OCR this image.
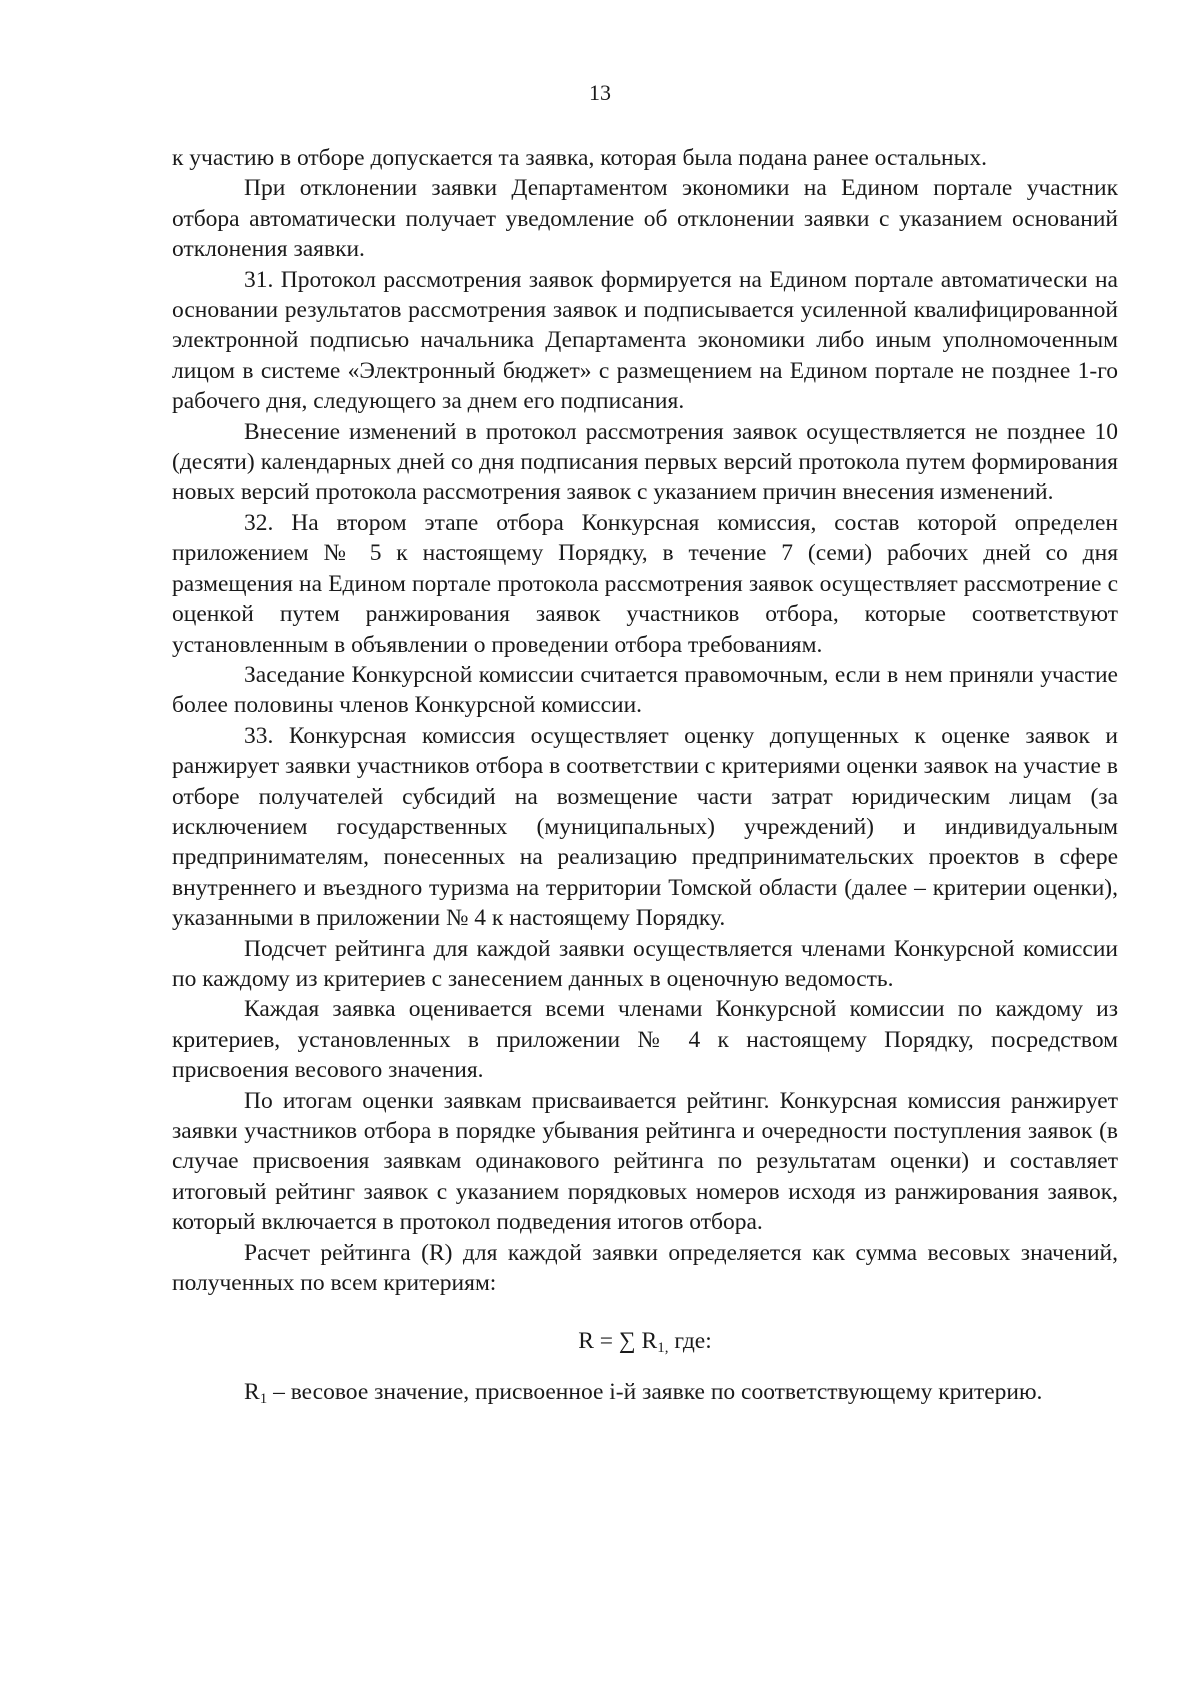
13

к участию в отборе допускается та заявка, которая была подана ранее остальных.

При отклонении заявки Департаментом экономики на Едином портале участник отбора автоматически получает уведомление об отклонении заявки с указанием оснований отклонения заявки.

31. Протокол рассмотрения заявок формируется на Едином портале автоматически на основании результатов рассмотрения заявок и подписывается усиленной квалифицированной электронной подписью начальника Департамента экономики либо иным уполномоченным лицом в системе «Электронный бюджет» с размещением на Едином портале не позднее 1-го рабочего дня, следующего за днем его подписания.

Внесение изменений в протокол рассмотрения заявок осуществляется не позднее 10 (десяти) календарных дней со дня подписания первых версий протокола путем формирования новых версий протокола рассмотрения заявок с указанием причин внесения изменений.

32. На втором этапе отбора Конкурсная комиссия, состав которой определен приложением № 5 к настоящему Порядку, в течение 7 (семи) рабочих дней со дня размещения на Едином портале протокола рассмотрения заявок осуществляет рассмотрение с оценкой путем ранжирования заявок участников отбора, которые соответствуют установленным в объявлении о проведении отбора требованиям.

Заседание Конкурсной комиссии считается правомочным, если в нем приняли участие более половины членов Конкурсной комиссии.

33. Конкурсная комиссия осуществляет оценку допущенных к оценке заявок и ранжирует заявки участников отбора в соответствии с критериями оценки заявок на участие в отборе получателей субсидий на возмещение части затрат юридическим лицам (за исключением государственных (муниципальных) учреждений) и индивидуальным предпринимателям, понесенных на реализацию предпринимательских проектов в сфере внутреннего и въездного туризма на территории Томской области (далее – критерии оценки), указанными в приложении № 4 к настоящему Порядку.

Подсчет рейтинга для каждой заявки осуществляется членами Конкурсной комиссии по каждому из критериев с занесением данных в оценочную ведомость.

Каждая заявка оценивается всеми членами Конкурсной комиссии по каждому из критериев, установленных в приложении № 4 к настоящему Порядку, посредством присвоения весового значения.

По итогам оценки заявкам присваивается рейтинг. Конкурсная комиссия ранжирует заявки участников отбора в порядке убывания рейтинга и очередности поступления заявок (в случае присвоения заявкам одинакового рейтинга по результатам оценки) и составляет итоговый рейтинг заявок с указанием порядковых номеров исходя из ранжирования заявок, который включается в протокол подведения итогов отбора.

Расчет рейтинга (R) для каждой заявки определяется как сумма весовых значений, полученных по всем критериям:

R = ∑ $R_{1,}$ где:

$R_1$ – весовое значение, присвоенное i-й заявке по соответствующему критерию.
